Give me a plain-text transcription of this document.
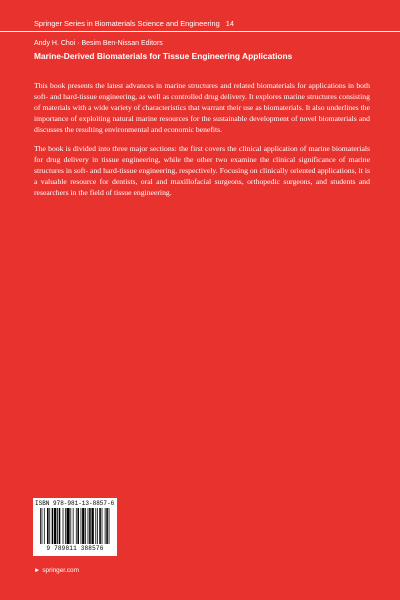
Springer Series in Biomaterials Science and Engineering 14
Andy H. Choi · Besim Ben-Nissan Editors
Marine-Derived Biomaterials for Tissue Engineering Applications

This book presents the latest advances in marine structures and related biomaterials for applications in both soft- and hard-tissue engineering, as well as controlled drug delivery. It explores marine structures consisting of materials with a wide variety of characteristics that warrant their use as biomaterials. It also underlines the importance of exploiting natural marine resources for the sustainable development of novel biomaterials and discusses the resulting environmental and economic benefits.

The book is divided into three major sections: the first covers the clinical application of marine biomaterials for drug delivery in tissue engineering, while the other two examine the clinical significance of marine structures in soft- and hard-tissue engineering, respectively. Focusing on clinically oriented applications, it is a valuable resource for dentists, oral and maxillofacial surgeons, orthopedic surgeons, and students and researchers in the field of tissue engineering.

ISBN 978-981-13-8857-6
9 789811 388576
► springer.com
